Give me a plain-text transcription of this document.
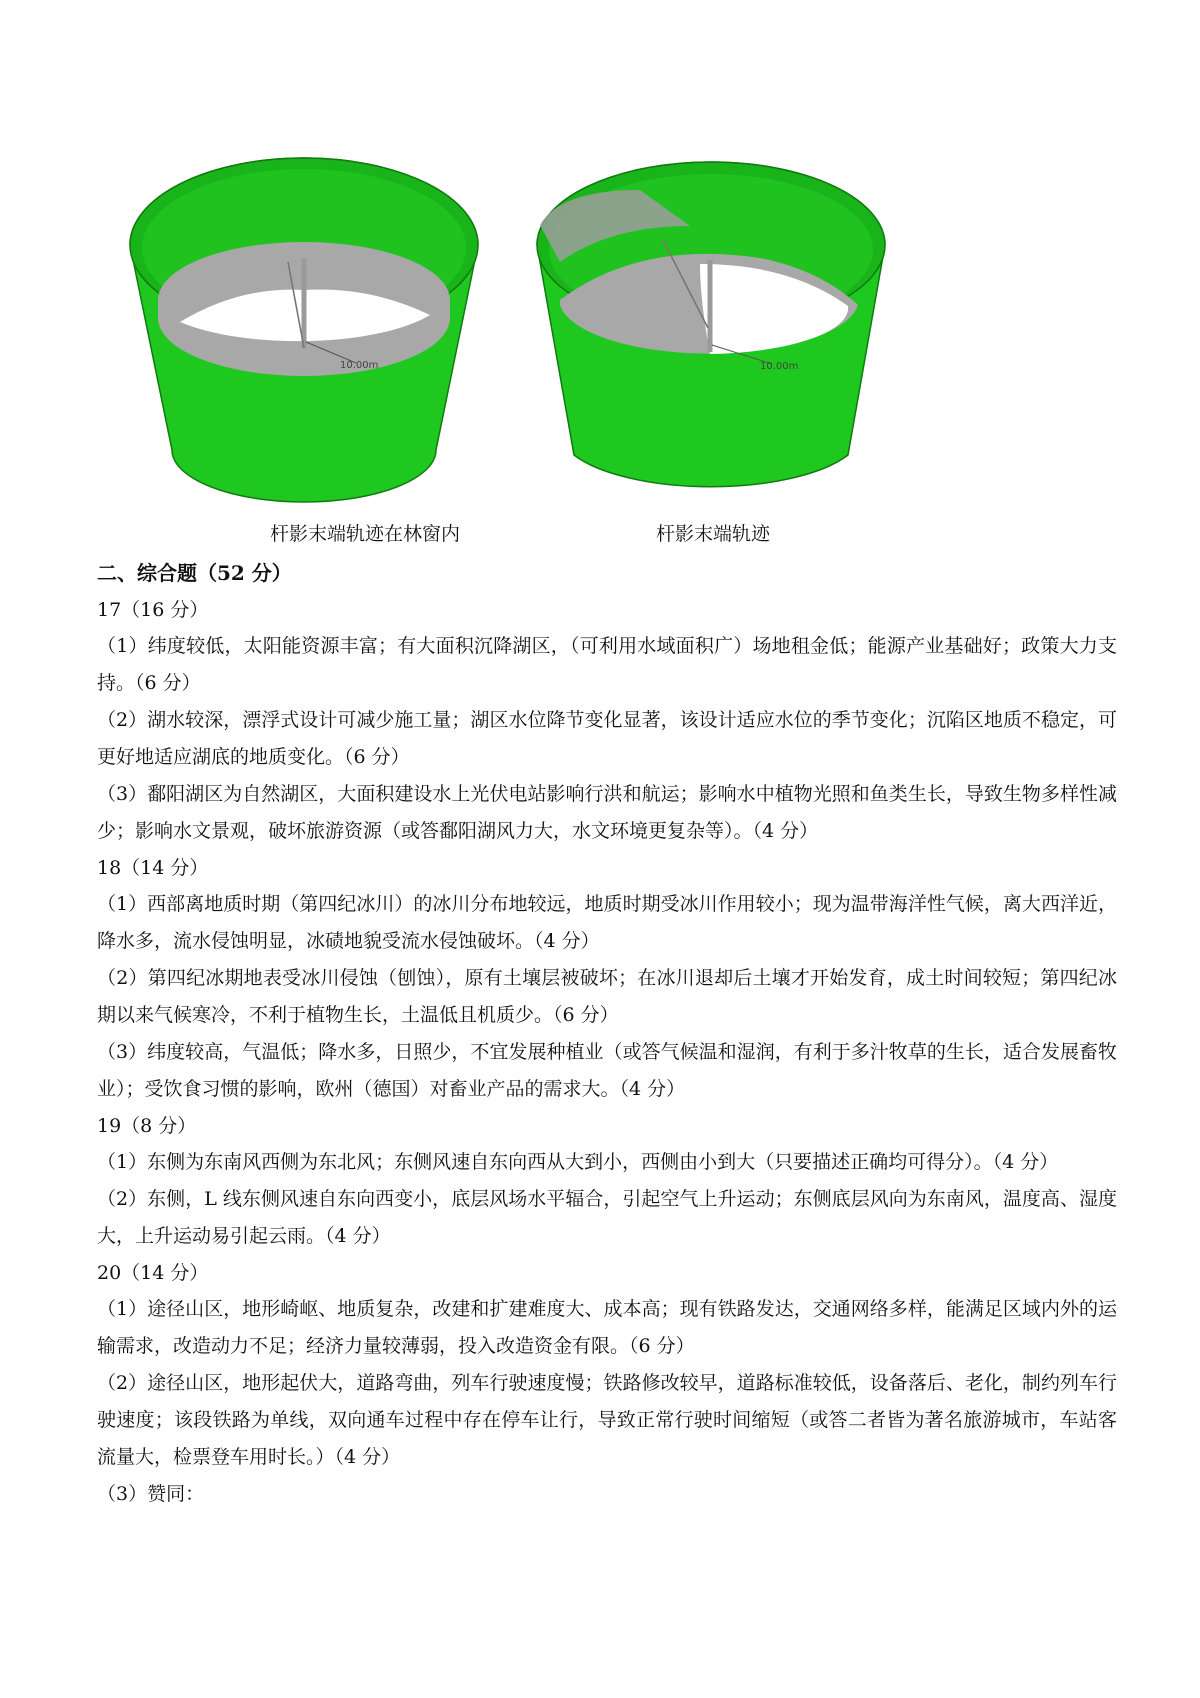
10.00m	10.00m
杆影末端轨迹在林窗内	杆影末端轨迹
二、综合题（52 分）
17（16 分）
（1）纬度较低，太阳能资源丰富；有大面积沉降湖区，（可利用水域面积广）场地租金低；能源产业基础好；政策大力支持。（6 分）
（2）湖水较深，漂浮式设计可减少施工量；湖区水位降节变化显著，该设计适应水位的季节变化；沉陷区地质不稳定，可更好地适应湖底的地质变化。（6 分）
（3）鄱阳湖区为自然湖区，大面积建设水上光伏电站影响行洪和航运；影响水中植物光照和鱼类生长，导致生物多样性减少；影响水文景观，破坏旅游资源（或答鄱阳湖风力大，水文环境更复杂等）。（4 分）
18（14 分）
（1）西部离地质时期（第四纪冰川）的冰川分布地较远，地质时期受冰川作用较小；现为温带海洋性气候，离大西洋近，降水多，流水侵蚀明显，冰碛地貌受流水侵蚀破坏。（4 分）
（2）第四纪冰期地表受冰川侵蚀（刨蚀），原有土壤层被破坏；在冰川退却后土壤才开始发育，成土时间较短；第四纪冰期以来气候寒冷，不利于植物生长，土温低且机质少。（6 分）
（3）纬度较高，气温低；降水多，日照少，不宜发展种植业（或答气候温和湿润，有利于多汁牧草的生长，适合发展畜牧业）；受饮食习惯的影响，欧州（德国）对畜业产品的需求大。（4 分）
19（8 分）
（1）东侧为东南风西侧为东北风；东侧风速自东向西从大到小，西侧由小到大（只要描述正确均可得分）。（4 分）
（2）东侧，L 线东侧风速自东向西变小，底层风场水平辐合，引起空气上升运动；东侧底层风向为东南风，温度高、湿度大，上升运动易引起云雨。（4 分）
20（14 分）
（1）途径山区，地形崎岖、地质复杂，改建和扩建难度大、成本高；现有铁路发达，交通网络多样，能满足区域内外的运输需求，改造动力不足；经济力量较薄弱，投入改造资金有限。（6 分）
（2）途径山区，地形起伏大，道路弯曲，列车行驶速度慢；铁路修改较早，道路标准较低，设备落后、老化，制约列车行驶速度；该段铁路为单线，双向通车过程中存在停车让行，导致正常行驶时间缩短（或答二者皆为著名旅游城市，车站客流量大，检票登车用时长。）（4 分）
（3）赞同：
